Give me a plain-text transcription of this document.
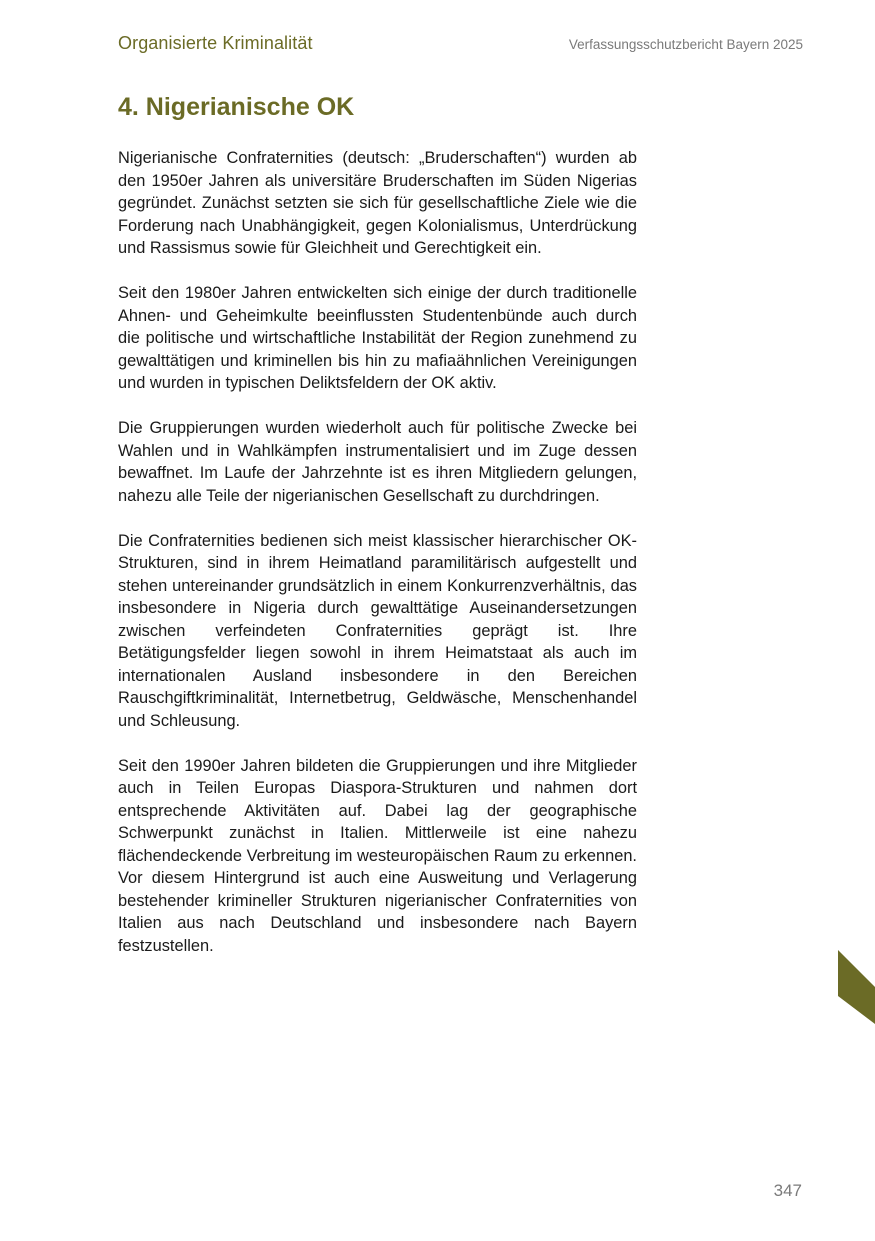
Organisierte Kriminalität	Verfassungsschutzbericht Bayern 2025
4. Nigerianische OK

Nigerianische Confraternities (deutsch: „Bruderschaften“) wurden ab den 1950er Jahren als universitäre Bruderschaften im Süden Nigerias gegründet. Zunächst setzten sie sich für gesellschaftliche Ziele wie die Forderung nach Unabhängigkeit, gegen Kolonialismus, Unterdrückung und Rassismus sowie für Gleichheit und Gerechtigkeit ein.

Seit den 1980er Jahren entwickelten sich einige der durch traditionelle Ahnen- und Geheimkulte beeinflussten Studentenbünde auch durch die politische und wirtschaftliche Instabilität der Region zunehmend zu gewalttätigen und kriminellen bis hin zu mafiaähnlichen Vereinigungen und wurden in typischen Deliktsfeldern der OK aktiv.

Die Gruppierungen wurden wiederholt auch für politische Zwecke bei Wahlen und in Wahlkämpfen instrumentalisiert und im Zuge dessen bewaffnet. Im Laufe der Jahrzehnte ist es ihren Mitgliedern gelungen, nahezu alle Teile der nigerianischen Gesellschaft zu durchdringen.

Die Confraternities bedienen sich meist klassischer hierarchischer OK-Strukturen, sind in ihrem Heimatland paramilitärisch aufgestellt und stehen untereinander grundsätzlich in einem Konkurrenzverhältnis, das insbesondere in Nigeria durch gewalttätige Auseinandersetzungen zwischen verfeindeten Confraternities geprägt ist. Ihre Betätigungsfelder liegen sowohl in ihrem Heimatstaat als auch im internationalen Ausland insbesondere in den Bereichen Rauschgiftkriminalität, Internetbetrug, Geldwäsche, Menschenhandel und Schleusung.

Seit den 1990er Jahren bildeten die Gruppierungen und ihre Mitglieder auch in Teilen Europas Diaspora-Strukturen und nahmen dort entsprechende Aktivitäten auf. Dabei lag der geographische Schwerpunkt zunächst in Italien. Mittlerweile ist eine nahezu flächendeckende Verbreitung im westeuropäischen Raum zu erkennen. Vor diesem Hintergrund ist auch eine Ausweitung und Verlagerung bestehender krimineller Strukturen nigerianischer Confraternities von Italien aus nach Deutschland und insbesondere nach Bayern festzustellen.

347
